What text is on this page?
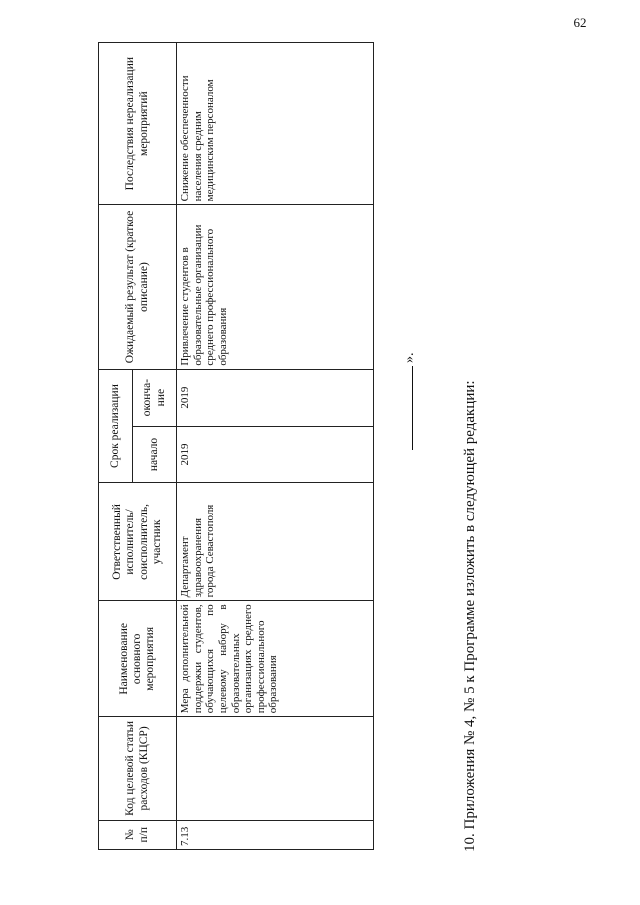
62
№ п/п	Код целевой статьи расходов (КЦСР)	Наименование основного мероприятия	Ответственный исполнитель/ соисполнитель, участник	Срок реализации		Ожидаемый результат (краткое описание)	Последствия нереализации мероприятий
				начало	оконча-ние		
7.13		Мера дополнительной поддержки студентов, обучающихся по целевому набору в образовательных организациях среднего профессионального образования	Департамент здравоохранения города Севастополя	2019	2019	Привлечение студентов в образовательные организации среднего профессионального образования	Снижение обеспеченности населения средним медицинским персоналом
».
10. Приложения № 4, № 5 к Программе изложить в следующей редакции:
